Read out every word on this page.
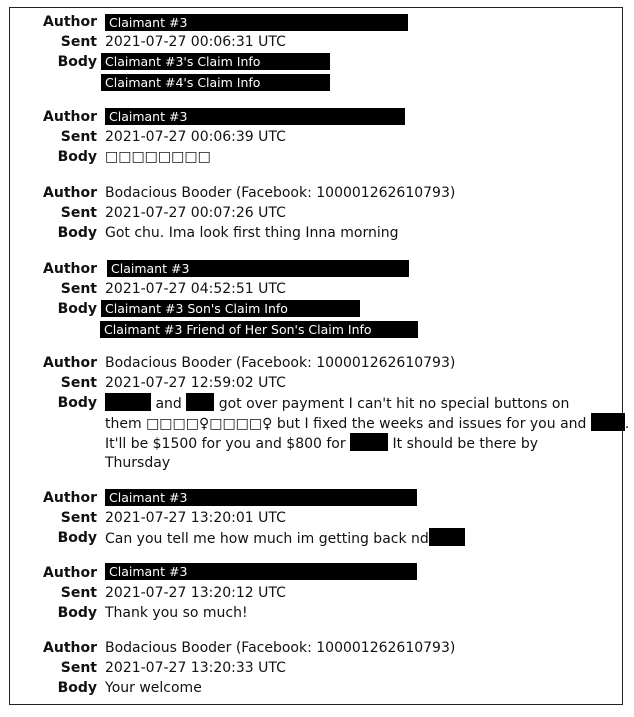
Author Claimant #3
Sent 2021-07-27 00:06:31 UTC
Body Claimant #3's Claim Info
Claimant #4's Claim Info
Author Claimant #3
Sent 2021-07-27 00:06:39 UTC
Body □□□□□□□□
Author Bodacious Booder (Facebook: 100001262610793)
Sent 2021-07-27 00:07:26 UTC
Body Got chu. Ima look first thing Inna morning
Author	Claimant #3
Sent 2021-07-27 04:52:51 UTC
Body Claimant #3 Son's Claim Info
Claimant #3 Friend of Her Son's Claim Info
Author Bodacious Booder (Facebook: 100001262610793)
Sent 2021-07-27 12:59:02 UTC
Body	and	got over payment I can't hit no special buttons on
them □□□□♀□□□□♀ but I fixed the weeks and issues for you and	.
It'll be $1500 for you and $800 for	It should be there by
Thursday
Author Claimant #3
Sent 2021-07-27 13:20:01 UTC
Body Can you tell me how much im getting back nd
Author Claimant #3
Sent 2021-07-27 13:20:12 UTC
Body Thank you so much!
Author Bodacious Booder (Facebook: 100001262610793)
Sent 2021-07-27 13:20:33 UTC
Body Your welcome
